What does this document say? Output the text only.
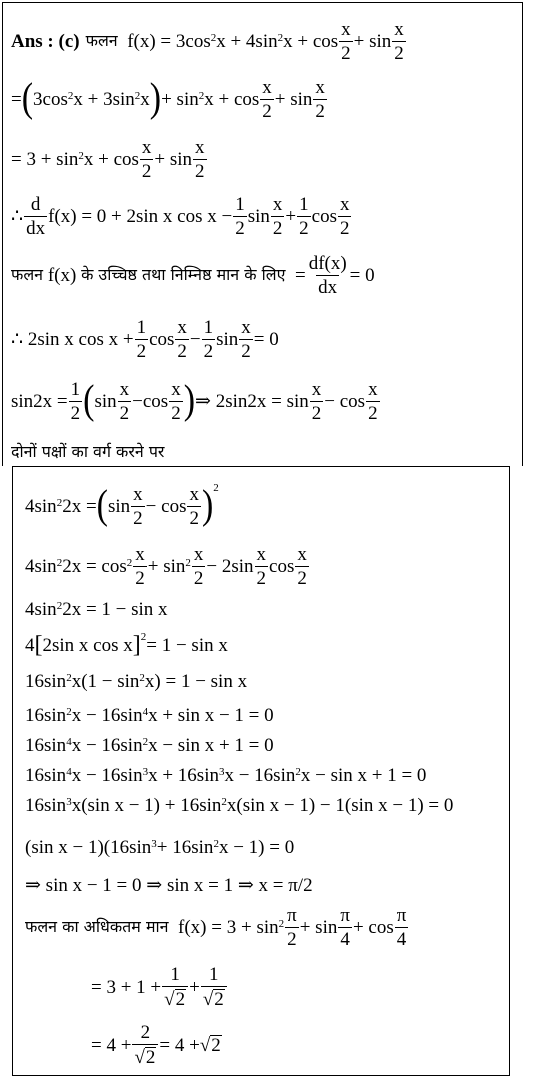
Ans : (c) फलन f(x) = 3cos 2 x + 4sin 2 $x + \cos \frac{x}{2} + \sin \frac{x}{2}$
= ( 3cos 2 x + 3sin 2 x ) + sin 2 $x + \cos \frac{x}{2} + \sin \frac{x}{2}$
= 3 + sin 2 $x + \cos \frac{x}{2} + \sin \frac{x}{2}$
∴ $\frac{d}{dx} f(x) = 0 + 2\sin$ x $\cos x - \frac{1}{2}$ $\sin \frac{x}{2} + \frac{1}{2}$ $\cos \frac{x}{2}$
फलन f(x) के उच्चिष्ठ तथा निम्निष्ठ मान के लिए = $\frac{df(x)}{dx} = 0$
∴ 2sin x $\cos x + \frac{1}{2}$ $\cos \frac{x}{2} - \frac{1}{2}$ $\sin \frac{x}{2} = 0$
$\sin 2x = \frac{1}{2}$ ( $\sin \frac{x}{2} -\cos \frac{x}{2}$ ) ⇒ $2\sin 2x = \sin \frac{x}{2} - \cos \frac{x}{2}$
दोनों पक्षों का वर्ग करने पर
4sin 2 2x = ( $\sin \frac{x}{2} - \cos \frac{x}{2}$ ) 2
4sin 2 $2x = \cos 2 \frac{x}{2} + \sin 2 \frac{x}{2} - 2\sin \frac{x}{2}$ $\cos \frac{x}{2}$
4sin 2 2x = 1 − sin x
4 [ 2sin x cos x ] 2 = 1 − sin x
16sin 2 x(1 − sin 2 x) = 1 − sin x
16sin 2 x − 16sin 4 x + sin x − 1 = 0
16sin 4 x − 16sin 2 x − sin x + 1 = 0
16sin 4 x − 16sin 3 x + 16sin 3 x − 16sin 2 x − sin x + 1 = 0
16sin 3 x(sin x − 1) + 16sin 2 x(sin x − 1) − 1(sin x − 1) = 0
(sin x − 1)(16sin 3 + 16sin 2 x − 1) = 0
⇒ sin x − 1 = 0 ⇒ sin x = 1 ⇒ x = π/2
फलन का अधिकतम मान $f(x) = 3 + \sin 2 \frac{\pi}{2} + \sin \frac{\pi}{4} + \cos \frac{\pi}{4}$
= $3 + 1 + \frac{1}{√ 2} + \frac{1}{√ 2}$
= $4 + \frac{2}{√ 2} = 4$ + √ 2
